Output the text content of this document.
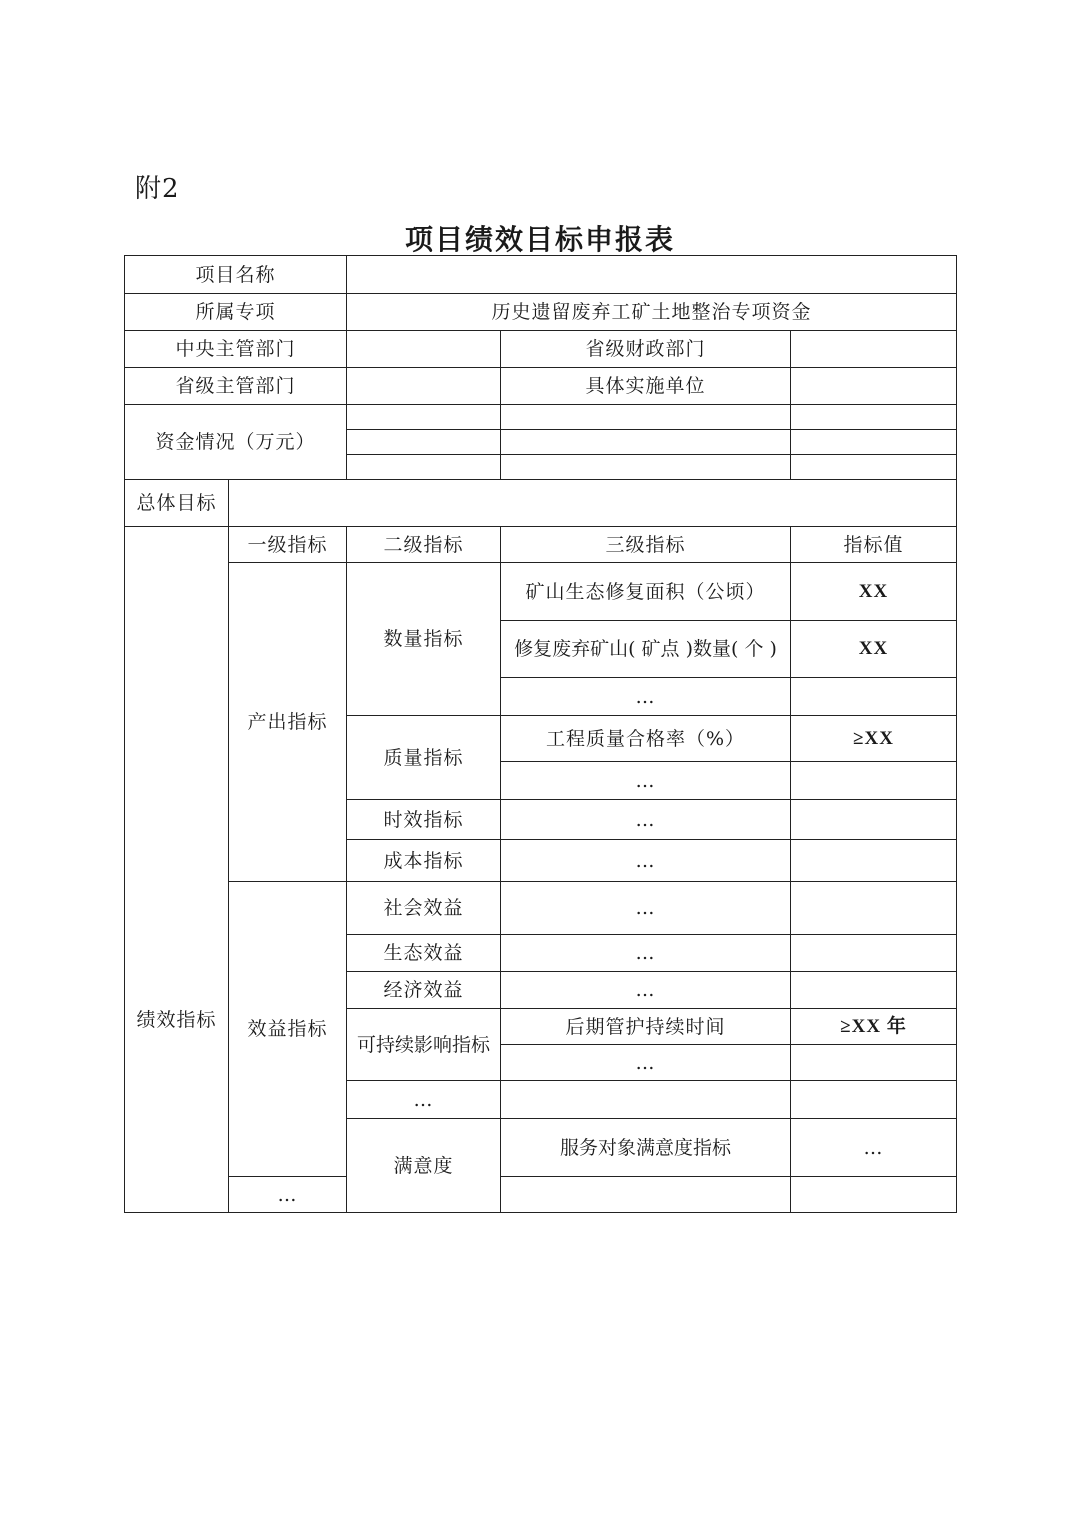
附2
项目绩效目标申报表
项目名称					
所属专项		历史遗留废弃工矿土地整治专项资金			
中央主管部门			省级财政部门		
省级主管部门			具体实施单位		
资金情况（万元）					

总体目标					
绩效指标	一级指标	二级指标	三级指标	指标值	
	产出指标	数量指标	矿山生态修复面积（公顷）	XX	
			修复废弃矿山( 矿点 )数量( 个 )	XX	
			…		
		质量指标	工程质量合格率（%）	≥XX	
			…		
		时效指标	…		
		成本指标	…		
	效益指标	社会效益	…		
		生态效益	…		
		经济效益	…		
		可持续影响指标	后期管护持续时间	≥XX 年	
			…		
		…			
		满意度	服务对象满意度指标	…	
	…				
